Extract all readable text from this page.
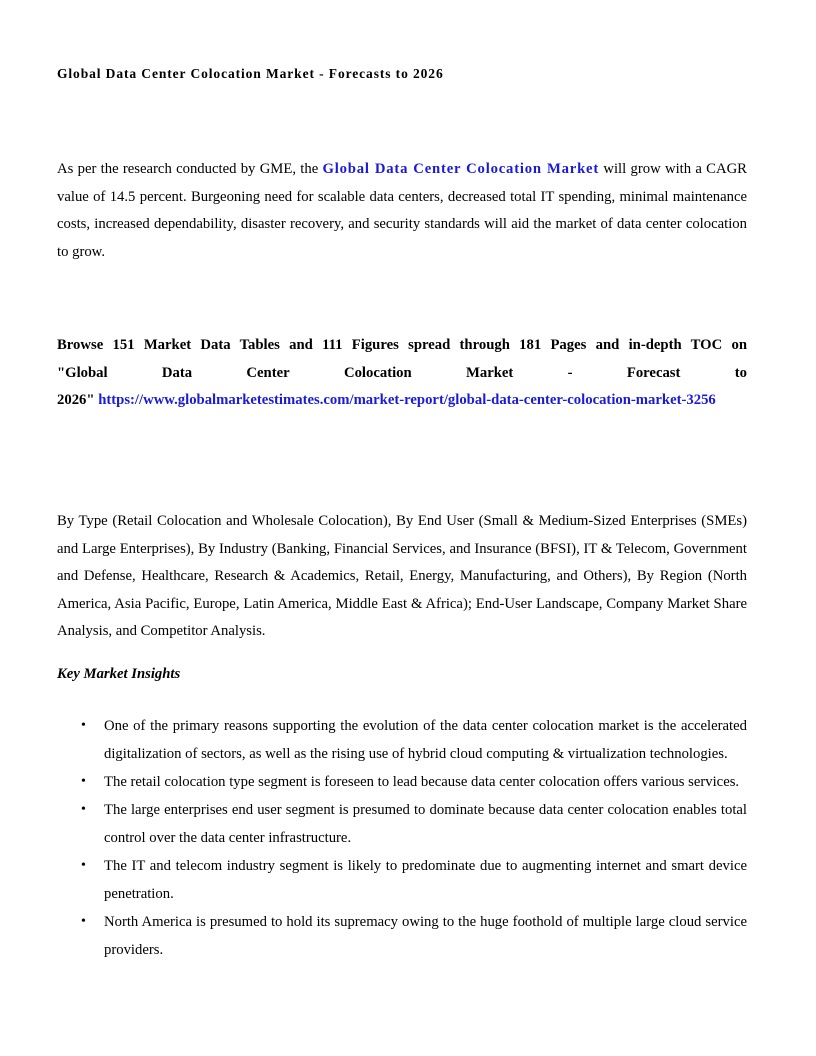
Global Data Center Colocation Market - Forecasts to 2026

As per the research conducted by GME, the Global Data Center Colocation Market will grow with a CAGR value of 14.5 percent. Burgeoning need for scalable data centers, decreased total IT spending, minimal maintenance costs, increased dependability, disaster recovery, and security standards will aid the market of data center colocation to grow.

Browse 151 Market Data Tables and 111 Figures spread through 181 Pages and in-depth TOC on
"Global	Data	Center	Colocation	Market	-	Forecast	to
2026" https://www.globalmarketestimates.com/market-report/global-data-center-colocation-market-3256

By Type (Retail Colocation and Wholesale Colocation), By End User (Small & Medium-Sized Enterprises (SMEs) and Large Enterprises), By Industry (Banking, Financial Services, and Insurance (BFSI), IT & Telecom, Government and Defense, Healthcare, Research & Academics, Retail, Energy, Manufacturing, and Others), By Region (North America, Asia Pacific, Europe, Latin America, Middle East & Africa); End-User Landscape, Company Market Share Analysis, and Competitor Analysis.

Key Market Insights

• One of the primary reasons supporting the evolution of the data center colocation market is the accelerated digitalization of sectors, as well as the rising use of hybrid cloud computing & virtualization technologies.
• The retail colocation type segment is foreseen to lead because data center colocation offers various services.
• The large enterprises end user segment is presumed to dominate because data center colocation enables total control over the data center infrastructure.
• The IT and telecom industry segment is likely to predominate due to augmenting internet and smart device penetration.
• North America is presumed to hold its supremacy owing to the huge foothold of multiple large cloud service providers.
